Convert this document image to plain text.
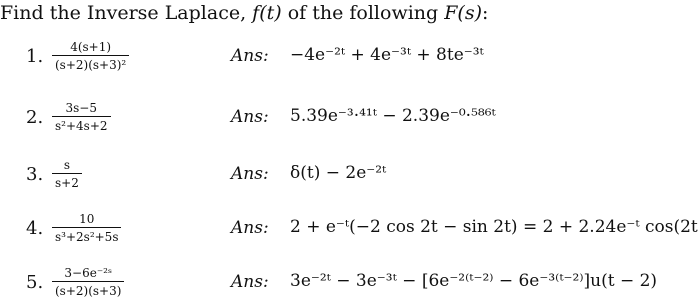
Find the Inverse Laplace, f(t) of the following F(s):
1. $\frac{4(s+1)}{\text{(s+2)(s+3)²}}$	Ans: −4e⁻²ᵗ + 4e⁻³ᵗ + 8te⁻³ᵗ
2. $\frac{3s-5}{\text{s²+4s+2}}$	Ans: 5.39e⁻³·⁴¹ᵗ − 2.39e⁻⁰·⁵⁸⁶ᵗ
3. $\frac{s}{s+2}$	Ans: δ(t) − 2e⁻²ᵗ
4. $\frac{10}{\text{s³+2s²+5s}}$	Ans: 2 + e⁻ᵗ(−2 cos 2t − sin 2t) = 2 + 2.24e⁻ᵗ cos(2t
5. $\frac{\text{3−6e⁻²ˢ}}{(s+2)(s+3)}$	Ans: 3e⁻²ᵗ − 3e⁻³ᵗ − [6e⁻²⁽ᵗ⁻²⁾ − 6e⁻³⁽ᵗ⁻²⁾]u(t − 2)
